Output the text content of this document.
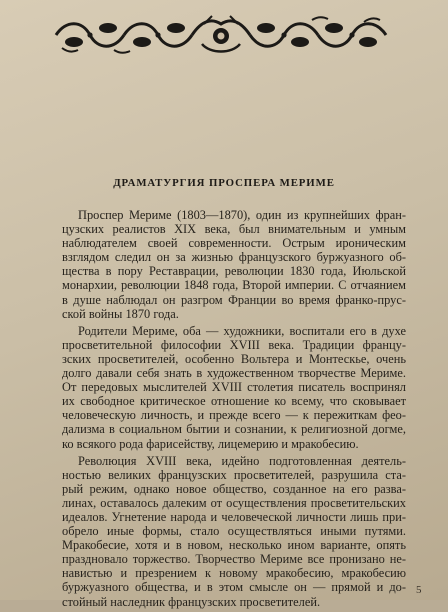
ДРАМАТУРГИЯ ПРОСПЕРА МЕРИМЕ

Проспер Мериме (1803—1870), один из крупнейших фран-
цузских реалистов XIX века, был внимательным и умным
наблюдателем своей современности. Острым ироническим
взглядом следил он за жизнью французского буржуазного об-
щества в пору Реставрации, революции 1830 года, Июльской
монархии, революции 1848 года, Второй империи. С отчаянием
в душе наблюдал он разгром Франции во время франко-прус-
ской войны 1870 года.

Родители Мериме, оба — художники, воспитали его в духе
просветительной философии XVIII века. Традиции францу-
зских просветителей, особенно Вольтера и Монтескье, очень
долго давали себя знать в художественном творчестве Мериме.
От передовых мыслителей XVIII столетия писатель воспринял
их свободное критическое отношение ко всему, что сковывает
человеческую личность, и прежде всего — к пережиткам фео-
дализма в социальном бытии и сознании, к религиозной догме,
ко всякого рода фарисейству, лицемерию и мракобесию.

Революция XVIII века, идейно подготовленная деятель-
ностью великих французских просветителей, разрушила ста-
рый режим, однако новое общество, созданное на его разва-
линах, оставалось далеким от осуществления просветительских
идеалов. Угнетение народа и человеческой личности лишь при-
обрело иные формы, стало осуществляться иными путями.
Мракобесие, хотя и в новом, несколько ином варианте, опять
праздновало торжество. Творчество Мериме все пронизано не-
навистью и презрением к новому мракобесию, мракобесию
буржуазного общества, и в этом смысле он — прямой и до-
стойный наследник французских просветителей.

5
